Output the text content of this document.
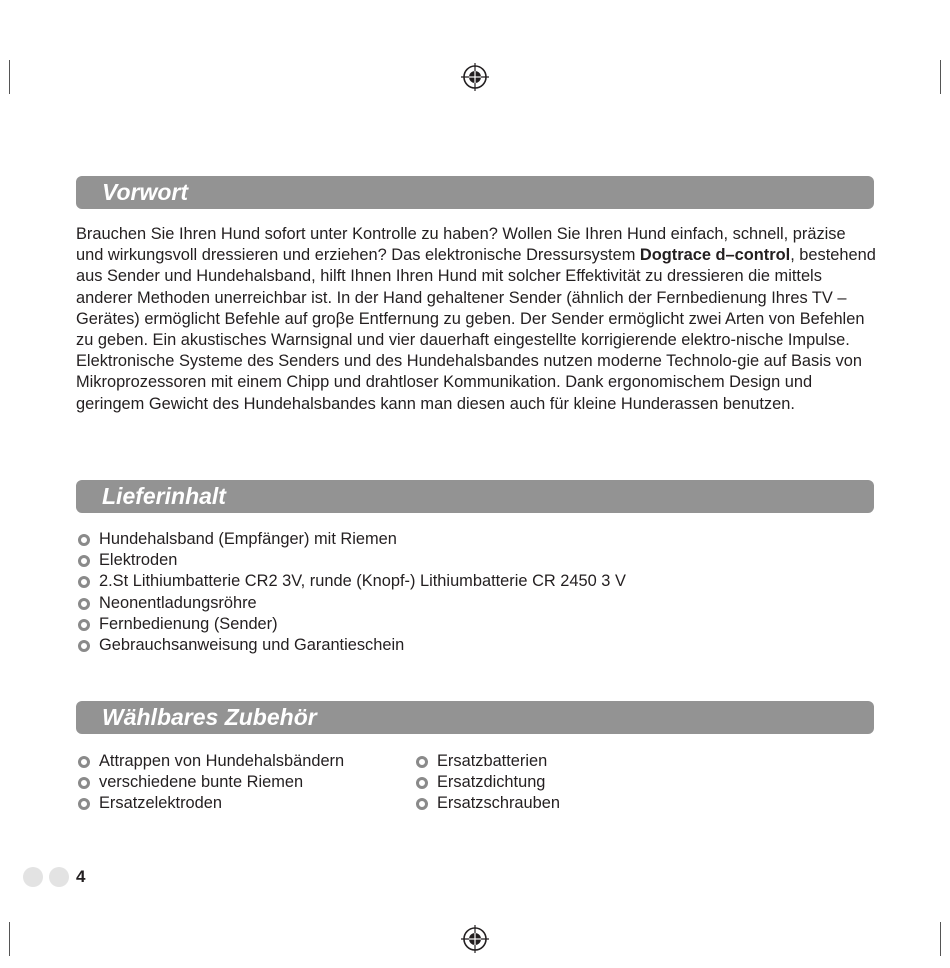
Vorwort

Brauchen Sie Ihren Hund sofort unter Kontrolle zu haben? Wollen Sie Ihren Hund einfach, schnell, präzise und wirkungsvoll dressieren und erziehen? Das elektronische Dressursystem Dogtrace d–control, bestehend aus Sender und Hundehalsband, hilft Ihnen Ihren Hund mit solcher Effektivität zu dressieren die mittels anderer Methoden unerreichbar ist. In der Hand gehaltener Sender (ähnlich der Fernbedienung Ihres TV – Gerätes) ermöglicht Befehle auf groβe Entfernung zu geben. Der Sender ermöglicht zwei Arten von Befehlen zu geben. Ein akustisches Warnsignal und vier dauerhaft eingestellte korrigierende elektro-nische Impulse. Elektronische Systeme des Senders und des Hundehalsbandes nutzen moderne Technolo-gie auf Basis von Mikroprozessoren mit einem Chipp und drahtloser Kommunikation. Dank ergonomischem Design und geringem Gewicht des Hundehalsbandes kann man diesen auch für kleine Hunderassen benutzen.

Lieferinhalt
Hundehalsband (Empfänger) mit Riemen
Elektroden
2.St Lithiumbatterie CR2 3V, runde (Knopf-) Lithiumbatterie CR 2450 3 V
Neonentladungsröhre
Fernbedienung (Sender)
Gebrauchsanweisung und Garantieschein
Wählbares Zubehör
Attrappen von Hundehalsbändern
verschiedene bunte Riemen
Ersatzelektroden
Ersatzbatterien
Ersatzdichtung
Ersatzschrauben
4
